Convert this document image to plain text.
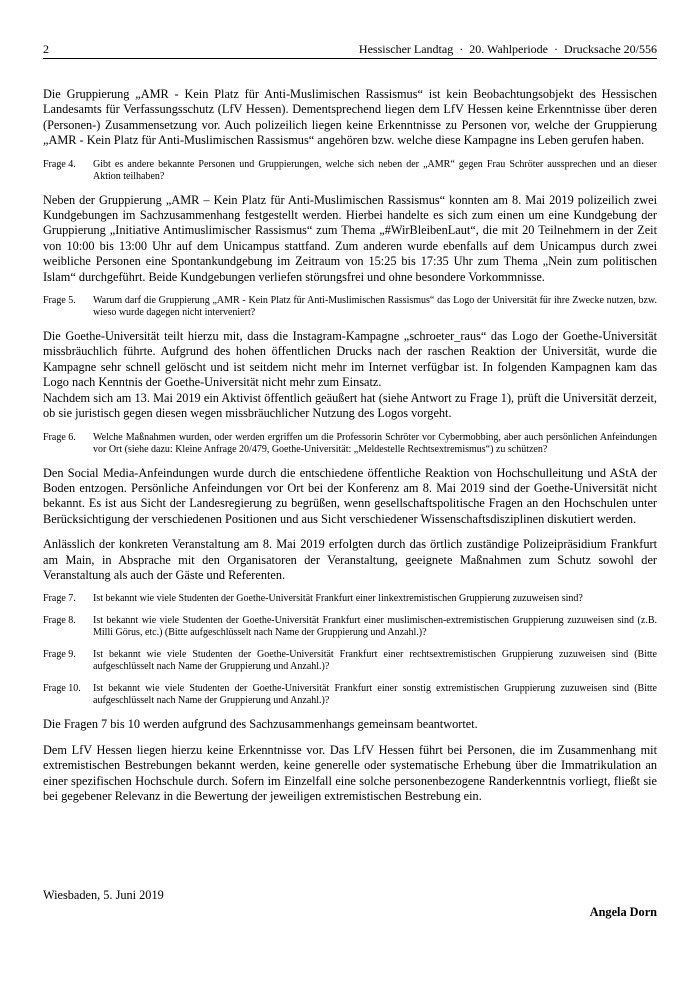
2	Hessischer Landtag · 20. Wahlperiode · Drucksache 20/556

Die Gruppierung „AMR - Kein Platz für Anti-Muslimischen Rassismus“ ist kein Beobachtungsobjekt des Hessischen Landesamts für Verfassungsschutz (LfV Hessen). Dementsprechend liegen dem LfV Hessen keine Erkenntnisse über deren (Personen-) Zusammensetzung vor. Auch polizeilich liegen keine Erkenntnisse zu Personen vor, welche der Gruppierung „AMR - Kein Platz für Anti-Muslimischen Rassismus“ angehören bzw. welche diese Kampagne ins Leben gerufen haben.

Frage 4.	Gibt es andere bekannte Personen und Gruppierungen, welche sich neben der „AMR“ gegen Frau Schröter aussprechen und an dieser Aktion teilhaben?

Neben der Gruppierung „AMR – Kein Platz für Anti-Muslimischen Rassismus“ konnten am 8. Mai 2019 polizeilich zwei Kundgebungen im Sachzusammenhang festgestellt werden. Hierbei handelte es sich zum einen um eine Kundgebung der Gruppierung „Initiative Antimuslimischer Rassismus“ zum Thema „#WirBleibenLaut“, die mit 20 Teilnehmern in der Zeit von 10:00 bis 13:00 Uhr auf dem Unicampus stattfand. Zum anderen wurde ebenfalls auf dem Unicampus durch zwei weibliche Personen eine Spontankundgebung im Zeitraum von 15:25 bis 17:35 Uhr zum Thema „Nein zum politischen Islam“ durchgeführt. Beide Kundgebungen verliefen störungsfrei und ohne besondere Vorkommnisse.

Frage 5.	Warum darf die Gruppierung „AMR - Kein Platz für Anti-Muslimischen Rassismus“ das Logo der Universität für ihre Zwecke nutzen, bzw. wieso wurde dagegen nicht interveniert?

Die Goethe-Universität teilt hierzu mit, dass die Instagram-Kampagne „schroeter_raus“ das Logo der Goethe-Universität missbräuchlich führte. Aufgrund des hohen öffentlichen Drucks nach der raschen Reaktion der Universität, wurde die Kampagne sehr schnell gelöscht und ist seitdem nicht mehr im Internet verfügbar ist. In folgenden Kampagnen kam das Logo nach Kenntnis der Goethe-Universität nicht mehr zum Einsatz.

Nachdem sich am 13. Mai 2019 ein Aktivist öffentlich geäußert hat (siehe Antwort zu Frage 1), prüft die Universität derzeit, ob sie juristisch gegen diesen wegen missbräuchlicher Nutzung des Logos vorgeht.

Frage 6.	Welche Maßnahmen wurden, oder werden ergriffen um die Professorin Schröter vor Cybermobbing, aber auch persönlichen Anfeindungen vor Ort (siehe dazu: Kleine Anfrage 20/479, Goethe-Universität: „Meldestelle Rechtsextremismus“) zu schützen?

Den Social Media-Anfeindungen wurde durch die entschiedene öffentliche Reaktion von Hochschulleitung und AStA der Boden entzogen. Persönliche Anfeindungen vor Ort bei der Konferenz am 8. Mai 2019 sind der Goethe-Universität nicht bekannt. Es ist aus Sicht der Landesregierung zu begrüßen, wenn gesellschaftspolitische Fragen an den Hochschulen unter Berücksichtigung der verschiedenen Positionen und aus Sicht verschiedener Wissenschaftsdisziplinen diskutiert werden.

Anlässlich der konkreten Veranstaltung am 8. Mai 2019 erfolgten durch das örtlich zuständige Polizeipräsidium Frankfurt am Main, in Absprache mit den Organisatoren der Veranstaltung, geeignete Maßnahmen zum Schutz sowohl der Veranstaltung als auch der Gäste und Referenten.

Frage 7.	Ist bekannt wie viele Studenten der Goethe-Universität Frankfurt einer linkextremistischen Gruppierung zuzuweisen sind?
Frage 8.	Ist bekannt wie viele Studenten der Goethe-Universität Frankfurt einer muslimischen-extremistischen Gruppierung zuzuweisen sind (z.B. Milli Görus, etc.) (Bitte aufgeschlüsselt nach Name der Gruppierung und Anzahl.)?
Frage 9.	Ist bekannt wie viele Studenten der Goethe-Universität Frankfurt einer rechtsextremistischen Gruppierung zuzuweisen sind (Bitte aufgeschlüsselt nach Name der Gruppierung und Anzahl.)?
Frage 10.	Ist bekannt wie viele Studenten der Goethe-Universität Frankfurt einer sonstig extremistischen Gruppierung zuzuweisen sind (Bitte aufgeschlüsselt nach Name der Gruppierung und Anzahl.)?

Die Fragen 7 bis 10 werden aufgrund des Sachzusammenhangs gemeinsam beantwortet.

Dem LfV Hessen liegen hierzu keine Erkenntnisse vor. Das LfV Hessen führt bei Personen, die im Zusammenhang mit extremistischen Bestrebungen bekannt werden, keine generelle oder systematische Erhebung über die Immatrikulation an einer spezifischen Hochschule durch. Sofern im Einzelfall eine solche personenbezogene Randerkenntnis vorliegt, fließt sie bei gegebener Relevanz in die Bewertung der jeweiligen extremistischen Bestrebung ein.

Wiesbaden, 5. Juni 2019
Angela Dorn
